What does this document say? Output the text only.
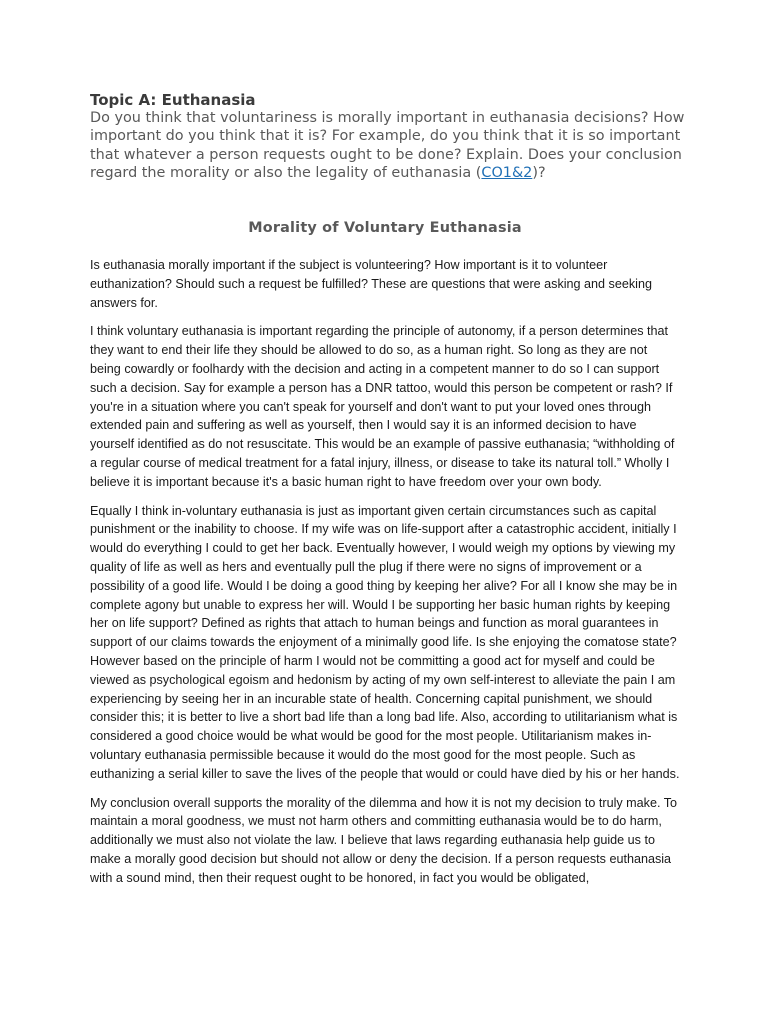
Topic A: Euthanasia

Do you think that voluntariness is morally important in euthanasia decisions? How important do you think that it is? For example, do you think that it is so important that whatever a person requests ought to be done? Explain. Does your conclusion regard the morality or also the legality of euthanasia (CO1&2)?

Morality of Voluntary Euthanasia

Is euthanasia morally important if the subject is volunteering? How important is it to volunteer euthanization? Should such a request be fulfilled? These are questions that were asking and seeking answers for.

I think voluntary euthanasia is important regarding the principle of autonomy, if a person determines that they want to end their life they should be allowed to do so, as a human right. So long as they are not being cowardly or foolhardy with the decision and acting in a competent manner to do so I can support such a decision. Say for example a person has a DNR tattoo, would this person be competent or rash? If you're in a situation where you can't speak for yourself and don't want to put your loved ones through extended pain and suffering as well as yourself, then I would say it is an informed decision to have yourself identified as do not resuscitate. This would be an example of passive euthanasia; “withholding of a regular course of medical treatment for a fatal injury, illness, or disease to take its natural toll.” Wholly I believe it is important because it's a basic human right to have freedom over your own body.

Equally I think in-voluntary euthanasia is just as important given certain circumstances such as capital punishment or the inability to choose. If my wife was on life-support after a catastrophic accident, initially I would do everything I could to get her back. Eventually however, I would weigh my options by viewing my quality of life as well as hers and eventually pull the plug if there were no signs of improvement or a possibility of a good life. Would I be doing a good thing by keeping her alive? For all I know she may be in complete agony but unable to express her will. Would I be supporting her basic human rights by keeping her on life support? Defined as rights that attach to human beings and function as moral guarantees in support of our claims towards the enjoyment of a minimally good life. Is she enjoying the comatose state? However based on the principle of harm I would not be committing a good act for myself and could be viewed as psychological egoism and hedonism by acting of my own self-interest to alleviate the pain I am experiencing by seeing her in an incurable state of health. Concerning capital punishment, we should consider this; it is better to live a short bad life than a long bad life. Also, according to utilitarianism what is considered a good choice would be what would be good for the most people. Utilitarianism makes in-voluntary euthanasia permissible because it would do the most good for the most people. Such as euthanizing a serial killer to save the lives of the people that would or could have died by his or her hands.

My conclusion overall supports the morality of the dilemma and how it is not my decision to truly make. To maintain a moral goodness, we must not harm others and committing euthanasia would be to do harm, additionally we must also not violate the law. I believe that laws regarding euthanasia help guide us to make a morally good decision but should not allow or deny the decision. If a person requests euthanasia with a sound mind, then their request ought to be honored, in fact you would be obligated,
